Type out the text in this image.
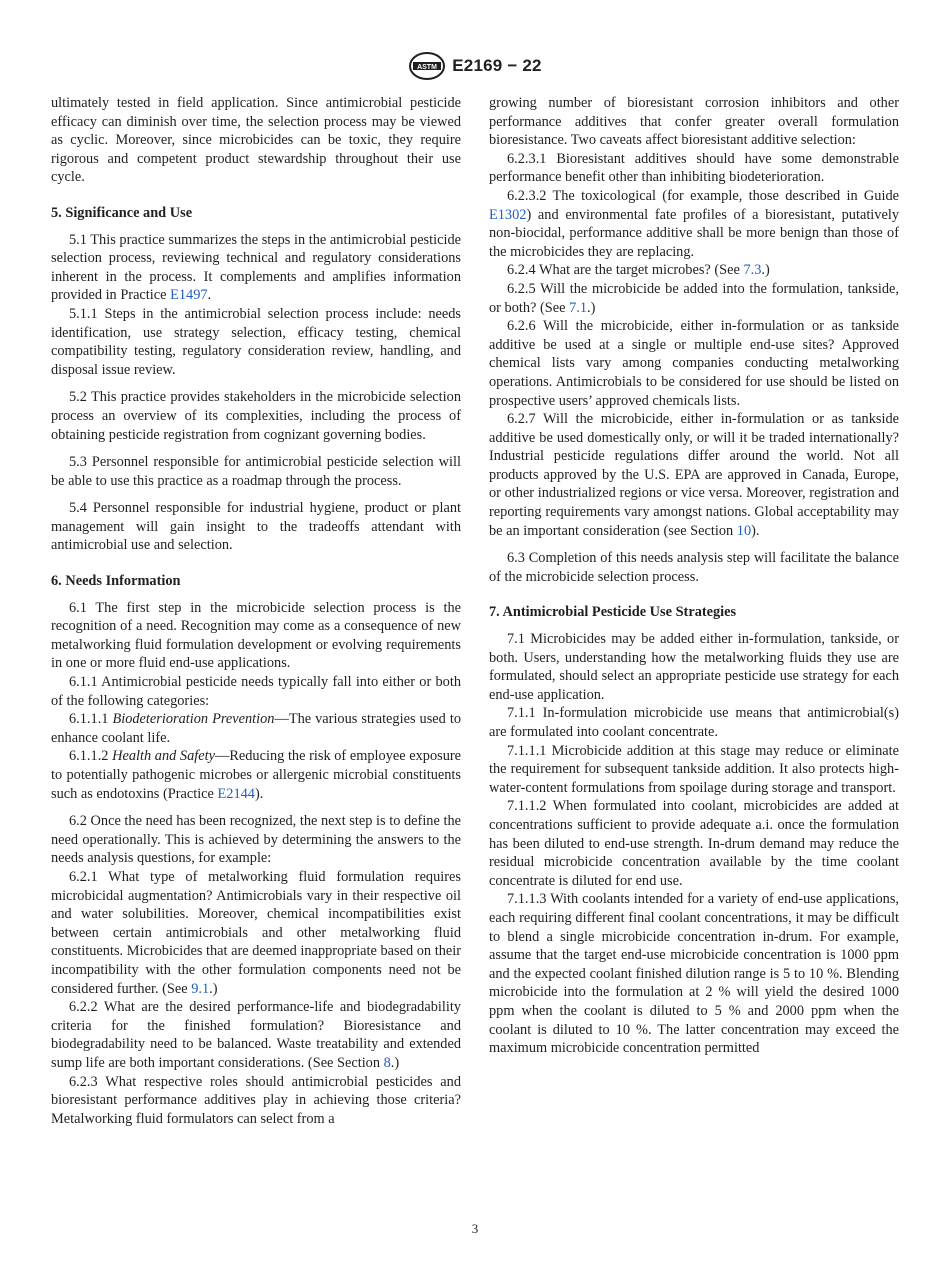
ASTM E2169 − 22

ultimately tested in field application. Since antimicrobial pesticide efficacy can diminish over time, the selection process may be viewed as cyclic. Moreover, since microbicides can be toxic, they require rigorous and competent product stewardship throughout their use cycle.

5. Significance and Use

5.1 This practice summarizes the steps in the antimicrobial pesticide selection process, reviewing technical and regulatory considerations inherent in the process. It complements and amplifies information provided in Practice E1497.

5.1.1 Steps in the antimicrobial selection process include: needs identification, use strategy selection, efficacy testing, chemical compatibility testing, regulatory consideration review, handling, and disposal issue review.

5.2 This practice provides stakeholders in the microbicide selection process an overview of its complexities, including the process of obtaining pesticide registration from cognizant governing bodies.

5.3 Personnel responsible for antimicrobial pesticide selection will be able to use this practice as a roadmap through the process.

5.4 Personnel responsible for industrial hygiene, product or plant management will gain insight to the tradeoffs attendant with antimicrobial use and selection.

6. Needs Information

6.1 The first step in the microbicide selection process is the recognition of a need. Recognition may come as a consequence of new metalworking fluid formulation development or evolving requirements in one or more fluid end-use applications.

6.1.1 Antimicrobial pesticide needs typically fall into either or both of the following categories:

6.1.1.1 Biodeterioration Prevention—The various strategies used to enhance coolant life.

6.1.1.2 Health and Safety—Reducing the risk of employee exposure to potentially pathogenic microbes or allergenic microbial constituents such as endotoxins (Practice E2144).

6.2 Once the need has been recognized, the next step is to define the need operationally. This is achieved by determining the answers to the needs analysis questions, for example:

6.2.1 What type of metalworking fluid formulation requires microbicidal augmentation? Antimicrobials vary in their respective oil and water solubilities. Moreover, chemical incompatibilities exist between certain antimicrobials and other metalworking fluid constituents. Microbicides that are deemed inappropriate based on their incompatibility with the other formulation components need not be considered further. (See 9.1.)

6.2.2 What are the desired performance-life and biodegradability criteria for the finished formulation? Bioresistance and biodegradability need to be balanced. Waste treatability and extended sump life are both important considerations. (See Section 8.)

6.2.3 What respective roles should antimicrobial pesticides and bioresistant performance additives play in achieving those criteria? Metalworking fluid formulators can select from a

growing number of bioresistant corrosion inhibitors and other performance additives that confer greater overall formulation bioresistance. Two caveats affect bioresistant additive selection:

6.2.3.1 Bioresistant additives should have some demonstrable performance benefit other than inhibiting biodeterioration.

6.2.3.2 The toxicological (for example, those described in Guide E1302) and environmental fate profiles of a bioresistant, putatively non-biocidal, performance additive shall be more benign than those of the microbicides they are replacing.

6.2.4 What are the target microbes? (See 7.3.)

6.2.5 Will the microbicide be added into the formulation, tankside, or both? (See 7.1.)

6.2.6 Will the microbicide, either in-formulation or as tankside additive be used at a single or multiple end-use sites? Approved chemical lists vary among companies conducting metalworking operations. Antimicrobials to be considered for use should be listed on prospective users’ approved chemicals lists.

6.2.7 Will the microbicide, either in-formulation or as tankside additive be used domestically only, or will it be traded internationally? Industrial pesticide regulations differ around the world. Not all products approved by the U.S. EPA are approved in Canada, Europe, or other industrialized regions or vice versa. Moreover, registration and reporting requirements vary amongst nations. Global acceptability may be an important consideration (see Section 10).

6.3 Completion of this needs analysis step will facilitate the balance of the microbicide selection process.

7. Antimicrobial Pesticide Use Strategies

7.1 Microbicides may be added either in-formulation, tankside, or both. Users, understanding how the metalworking fluids they use are formulated, should select an appropriate pesticide use strategy for each end-use application.

7.1.1 In-formulation microbicide use means that antimicrobial(s) are formulated into coolant concentrate.

7.1.1.1 Microbicide addition at this stage may reduce or eliminate the requirement for subsequent tankside addition. It also protects high-water-content formulations from spoilage during storage and transport.

7.1.1.2 When formulated into coolant, microbicides are added at concentrations sufficient to provide adequate a.i. once the formulation has been diluted to end-use strength. In-drum demand may reduce the residual microbicide concentration available by the time coolant concentrate is diluted for end use.

7.1.1.3 With coolants intended for a variety of end-use applications, each requiring different final coolant concentrations, it may be difficult to blend a single microbicide concentration in-drum. For example, assume that the target end-use microbicide concentration is 1000 ppm and the expected coolant finished dilution range is 5 to 10 %. Blending microbicide into the formulation at 2 % will yield the desired 1000 ppm when the coolant is diluted to 5 % and 2000 ppm when the coolant is diluted to 10 %. The latter concentration may exceed the maximum microbicide concentration permitted

3
